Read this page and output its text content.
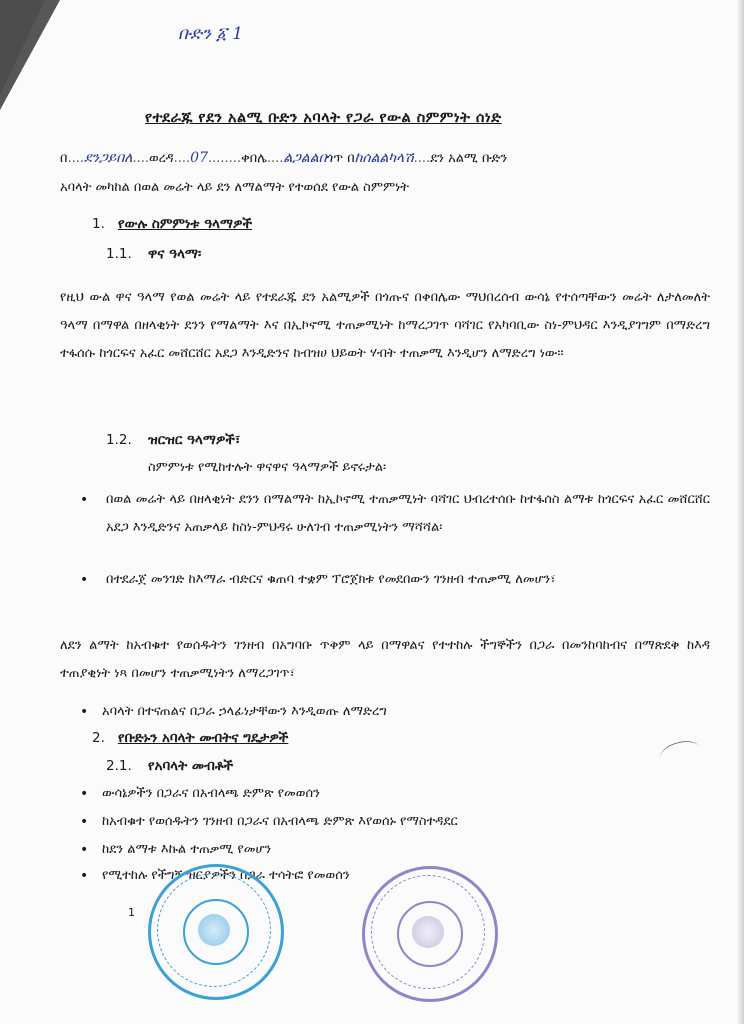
ቡድን ፩ 1
የተደራጁ የደን አልሚ ቡድን አባላት የጋራ የውል ስምምነት ሰነድ
በ....ደንጋይበለ....ወረዳ....07........ቀበሌ....ልጋልልበጎጥ በከሰልልካላሽ....ደን አልሚ ቡድን
አባላት መካከል በወል መሬት ላይ ደን ለማልማት የተወሰደ የውል ስምምነት
1. የውሉ ስምምነቱ ዓላማዎች
1.1. ዋና ዓላማ፡
የዚህ ውል ዋና ዓላማ የወል መሬት ላይ የተደራጁ ደን አልሚዎች በጎጡና በቀበሌው ማህበረሰብ ውሳኔ የተሰጣቸውን መሬት ለታለመለት ዓላማ በማዋል በዘላቂነት ደንን የማልማት እና በኢኮኖሚ ተጠቃሚነት ከማረጋገጥ ባሻገር የአካባቢው ስነ-ምህዳር እንዲያገግም በማድረግ ተፋሰሱ ከጎርፍና አፈር መሸርሸር አደጋ እንዲድንና ከብዝሀ ህይወት ሃብት ተጠቃሚ እንዲሆን ለማድረግ ነው፡፡
1.2. ዝርዝር ዓላማዎች፣
ስምምነቱ የሚከተሉት ዋናዋና ዓላማዎች ይኖሩታል፡
• በወል መሬት ላይ በዘላቂነት ደንን በማልማት ከኢኮኖሚ ተጠቃሚነት ባሻገር ህብረተሰቡ ከተፋሰስ ልማቱ ከጎርፍና አፈር መሸርሸር አደጋ እንዲድንና አጠቃላይ ከስነ-ምህዳሩ ሁለገብ ተጠቃሚነትን ማሻሻል፡
• በተደራጀ መንገድ ከእማራ ብድርና ቁጠባ ተቋም ፕሮጀክቱ የመደበውን ገንዘብ ተጠቃሚ ለመሆን፣
ለደን ልማት ከአብቁተ የወሰዱትን ገንዘብ በአግባቡ ጥቅም ላይ በማዋልና የተተከሉ ችግኞችን በጋራ በመንከባከብና በማጽደቅ ከእዳ ተጠያቂነት ነጻ በመሆን ተጠቃሚነትን ለማረጋገጥ፣
• አባላት በተናጠልና በጋራ ኃላፊነታቸውን እንዲወጡ ለማድረግ
2. የቡድኑን አባላት መብትና ግዴታዎች
2.1. የአባላት መብቶች
• ውሳኔዎችን በጋራና በአብላጫ ድምጽ የመወሰን
• ከአብቁተ የወሰዱትን ገንዘብ በጋራና በአብላጫ ድምጽ እየወሰኑ የማስተዳደር
• ከደን ልማቱ እኩል ተጠቃሚ የመሆን
• የሚተከሉ የችግኝ ዝርያዎችን በጋራ ተሳትፎ የመወሰን
1
